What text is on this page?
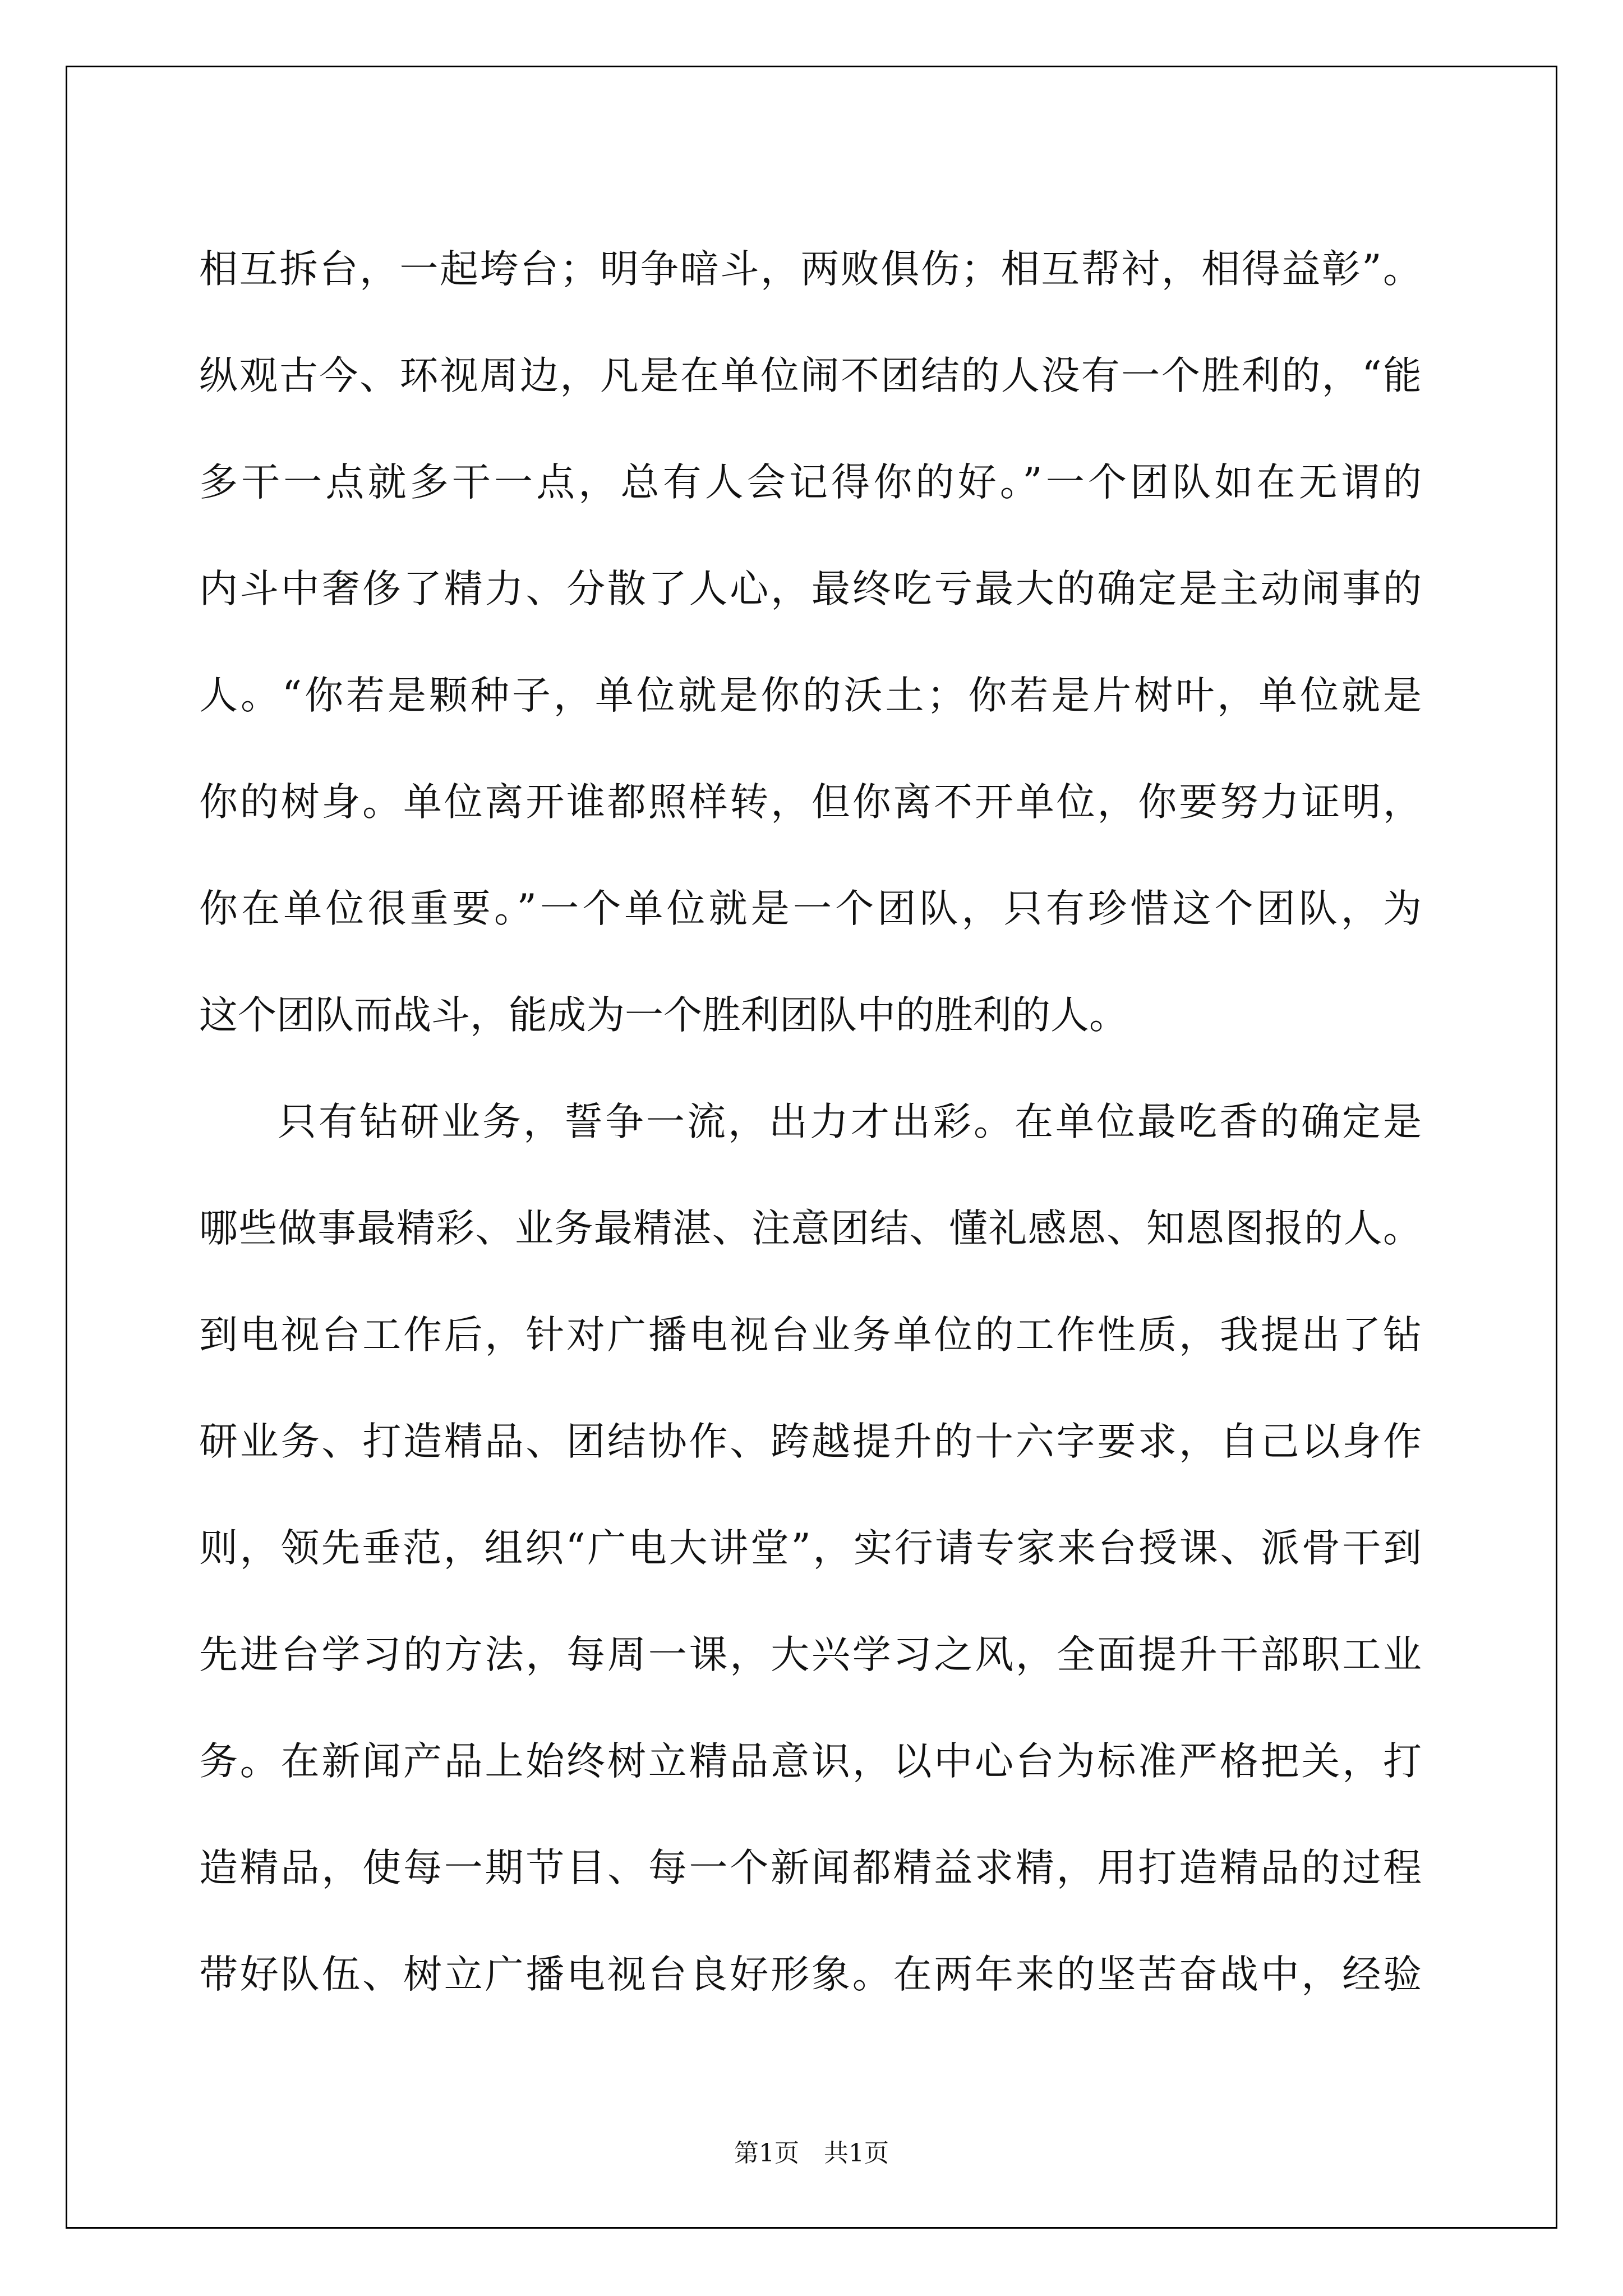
相互拆台，一起垮台；明争暗斗，两败俱伤；相互帮衬，相得益彰”。
纵观古今、环视周边，凡是在单位闹不团结的人没有一个胜利的，“能
多干一点就多干一点，总有人会记得你的好。”一个团队如在无谓的
内斗中奢侈了精力、分散了人心，最终吃亏最大的确定是主动闹事的
人。“你若是颗种子，单位就是你的沃土；你若是片树叶，单位就是
你的树身。单位离开谁都照样转，但你离不开单位，你要努力证明，
你在单位很重要。”一个单位就是一个团队，只有珍惜这个团队，为
这个团队而战斗，能成为一个胜利团队中的胜利的人。
只有钻研业务，誓争一流，出力才出彩。在单位最吃香的确定是
哪些做事最精彩、业务最精湛、注意团结、懂礼感恩、知恩图报的人。
到电视台工作后，针对广播电视台业务单位的工作性质，我提出了钻
研业务、打造精品、团结协作、跨越提升的十六字要求，自己以身作
则，领先垂范，组织“广电大讲堂”，实行请专家来台授课、派骨干到
先进台学习的方法，每周一课，大兴学习之风，全面提升干部职工业
务。在新闻产品上始终树立精品意识，以中心台为标准严格把关，打
造精品，使每一期节目、每一个新闻都精益求精，用打造精品的过程
带好队伍、树立广播电视台良好形象。在两年来的坚苦奋战中，经验
第1页　共1页
